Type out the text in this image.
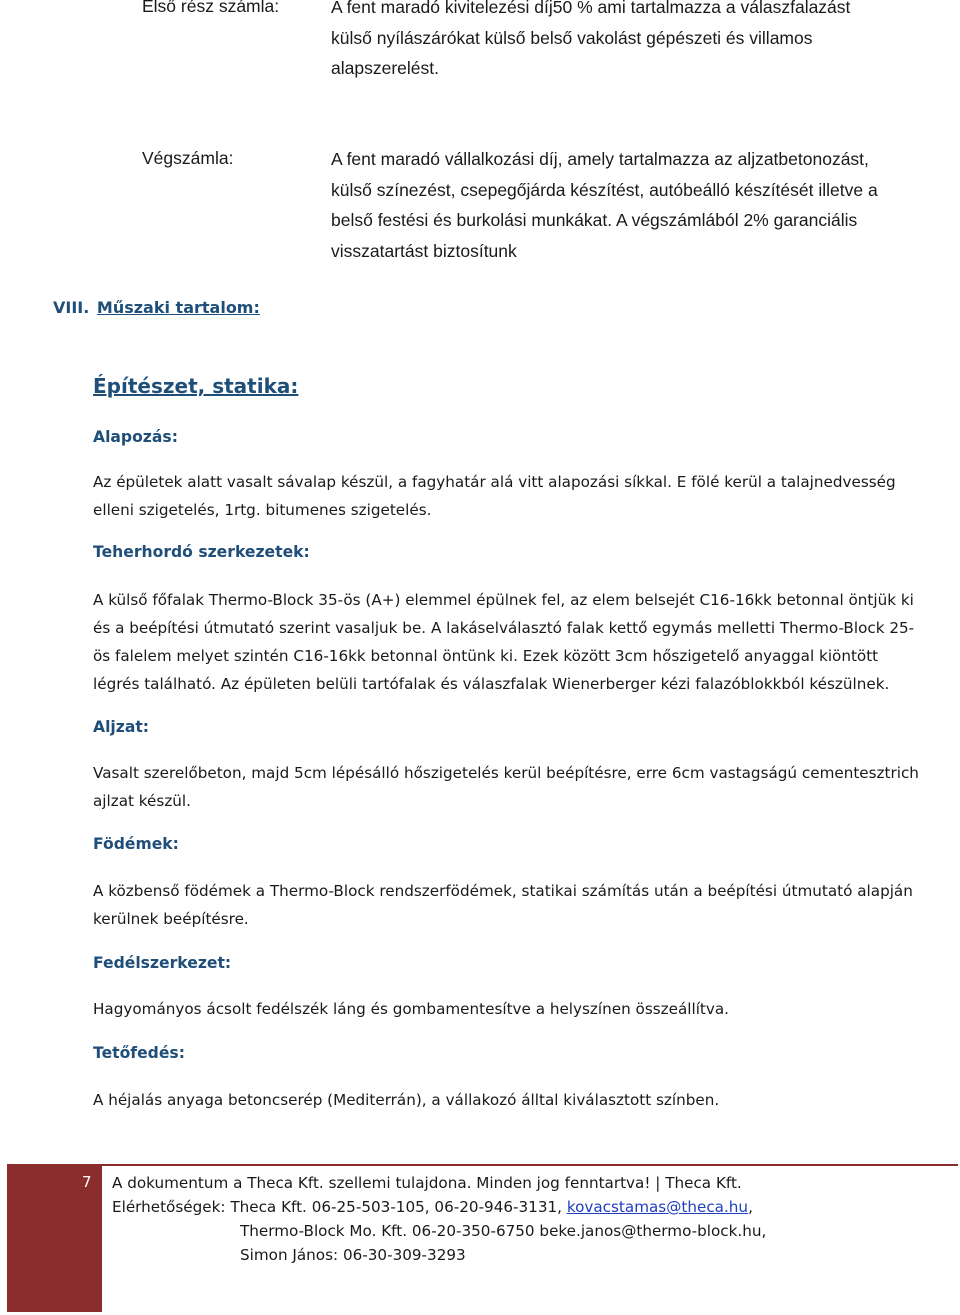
Első rész számla:	A fent maradó kivitelezési díj50 % ami tartalmazza a válaszfalazást
külső nyílászárókat külső belső vakolást gépészeti és villamos
alapszerelést.
Végszámla:	A fent maradó vállalkozási díj, amely tartalmazza az aljzatbetonozást,
külső színezést, csepegőjárda készítést, autóbeálló készítését illetve a
belső festési és burkolási munkákat. A végszámlából 2% garanciális
visszatartást biztosítunk
VIII. Műszaki tartalom:
Építészet, statika:
Alapozás:
Az épületek alatt vasalt sávalap készül, a fagyhatár alá vitt alapozási síkkal. E fölé kerül a talajnedvesség
elleni szigetelés, 1rtg. bitumenes szigetelés.
Teherhordó szerkezetek:
A külső főfalak Thermo-Block 35-ös (A+) elemmel épülnek fel, az elem belsejét C16-16kk betonnal öntjük ki
és a beépítési útmutató szerint vasaljuk be. A lakáselválasztó falak kettő egymás melletti Thermo-Block 25-
ös falelem melyet szintén C16-16kk betonnal öntünk ki. Ezek között 3cm hőszigetelő anyaggal kiöntött
légrés található. Az épületen belüli tartófalak és válaszfalak Wienerberger kézi falazóblokkból készülnek.
Aljzat:
Vasalt szerelőbeton, majd 5cm lépésálló hőszigetelés kerül beépítésre, erre 6cm vastagságú cementesztrich
ajlzat készül.
Födémek:
A közbenső födémek a Thermo-Block rendszerfödémek, statikai számítás után a beépítési útmutató alapján
kerülnek beépítésre.
Fedélszerkezet:
Hagyományos ácsolt fedélszék láng és gombamentesítve a helyszínen összeállítva.
Tetőfedés:
A héjalás anyaga betoncserép (Mediterrán), a vállakozó álltal kiválasztott színben.
7 A dokumentum a Theca Kft. szellemi tulajdona. Minden jog fenntartva! | Theca Kft.
Elérhetőségek: Theca Kft. 06-25-503-105, 06-20-946-3131, kovacstamas@theca.hu,
Thermo-Block Mo. Kft. 06-20-350-6750 beke.janos@thermo-block.hu,
Simon János: 06-30-309-3293
